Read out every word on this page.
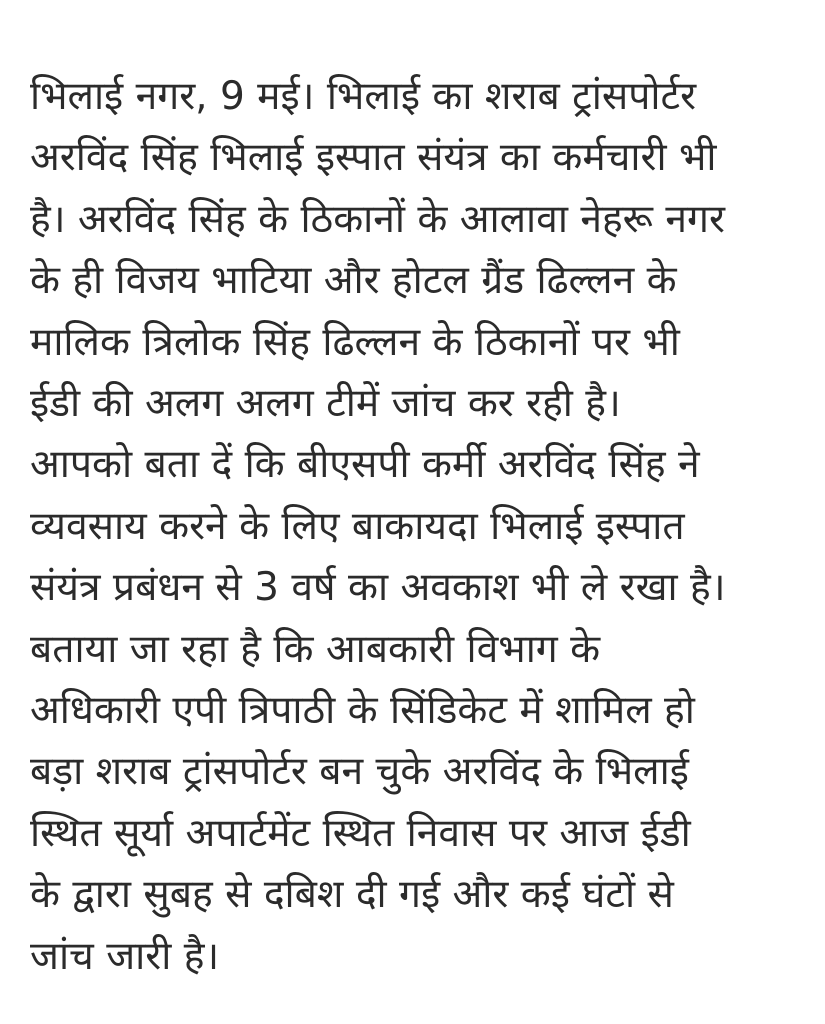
भिलाई नगर, 9 मई। भिलाई का शराब ट्रांसपोर्टर
अरविंद सिंह भिलाई इस्पात संयंत्र का कर्मचारी भी
है। अरविंद सिंह के ठिकानों के आलावा नेहरू नगर
के ही विजय भाटिया और होटल ग्रैंड ढिल्लन के
मालिक त्रिलोक सिंह ढिल्लन के ठिकानों पर भी
ईडी की अलग अलग टीमें जांच कर रही है।
आपको बता दें कि बीएसपी कर्मी अरविंद सिंह ने
व्यवसाय करने के लिए बाकायदा भिलाई इस्पात
संयंत्र प्रबंधन से 3 वर्ष का अवकाश भी ले रखा है।
बताया जा रहा है कि आबकारी विभाग के
अधिकारी एपी त्रिपाठी के सिंडिकेट में शामिल हो
बड़ा शराब ट्रांसपोर्टर बन चुके अरविंद के भिलाई
स्थित सूर्या अपार्टमेंट स्थित निवास पर आज ईडी
के द्वारा सुबह से दबिश दी गई और कई घंटों से
जांच जारी है।
